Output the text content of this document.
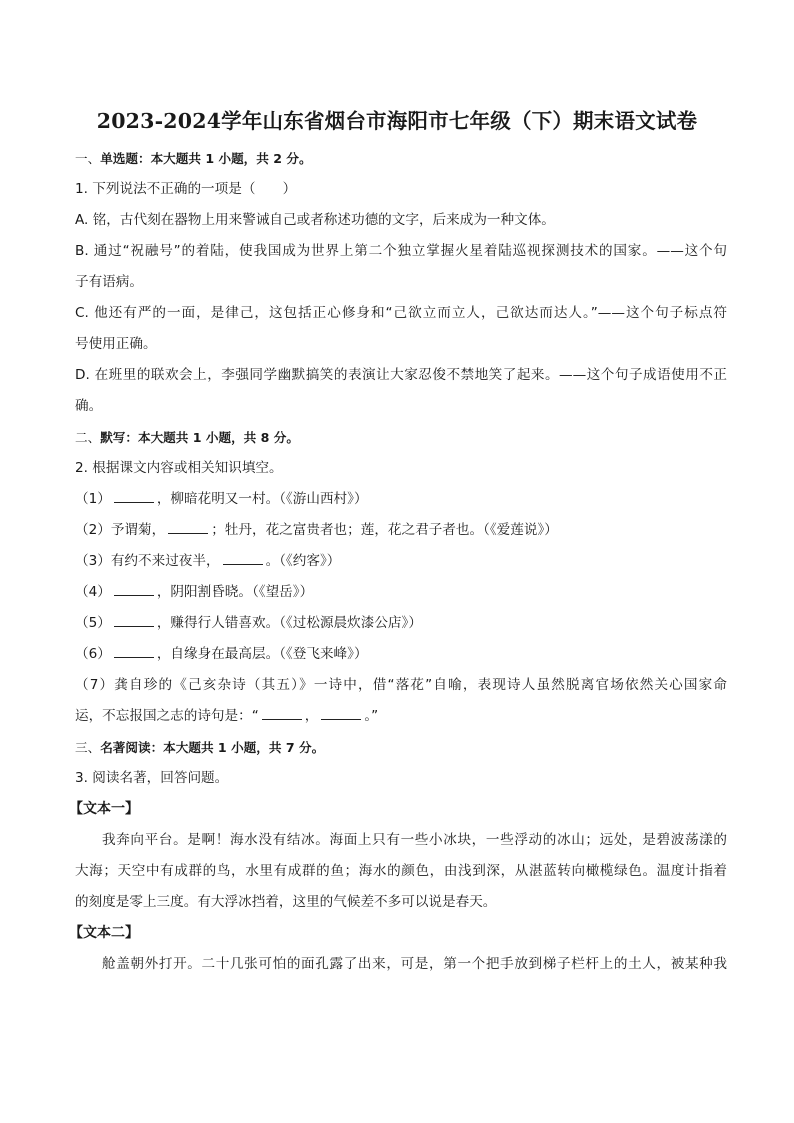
2023-2024学年山东省烟台市海阳市七年级（下）期末语文试卷
一、单选题：本大题共 1 小题，共 2 分。
1. 下列说法不正确的一项是（　　）
A. 铭，古代刻在器物上用来警诫自己或者称述功德的文字，后来成为一种文体。
B. 通过“祝融号”的着陆，使我国成为世界上第二个独立掌握火星着陆巡视探测技术的国家。——这个句
子有语病。
C. 他还有严的一面，是律己，这包括正心修身和“己欲立而立人，己欲达而达人。”——这个句子标点符
号使用正确。
D. 在班里的联欢会上，李强同学幽默搞笑的表演让大家忍俊不禁地笑了起来。——这个句子成语使用不正
确。
二、默写：本大题共 1 小题，共 8 分。
2. 根据课文内容或相关知识填空。
（1）	，柳暗花明又一村。（《游山西村》）
（2）予谓菊，	；牡丹，花之富贵者也；莲，花之君子者也。（《爱莲说》）
（3）有约不来过夜半，	。（《约客》）
（4）	，阴阳割昏晓。（《望岳》）
（5）	，赚得行人错喜欢。（《过松源晨炊漆公店》）
（6）	，自缘身在最高层。（《登飞来峰》）
（7）龚自珍的《己亥杂诗（其五）》一诗中，借“落花”自喻，表现诗人虽然脱离官场依然关心国家命
运，不忘报国之志的诗句是：“	，	。”
三、名著阅读：本大题共 1 小题，共 7 分。
3. 阅读名著，回答问题。
【文本一】
我奔向平台。是啊！海水没有结冰。海面上只有一些小冰块，一些浮动的冰山；远处，是碧波荡漾的
大海；天空中有成群的鸟，水里有成群的鱼；海水的颜色，由浅到深，从湛蓝转向橄榄绿色。温度计指着
的刻度是零上三度。有大浮冰挡着，这里的气候差不多可以说是春天。
【文本二】
舱盖朝外打开。二十几张可怕的面孔露了出来，可是，第一个把手放到梯子栏杆上的土人，被某种我
